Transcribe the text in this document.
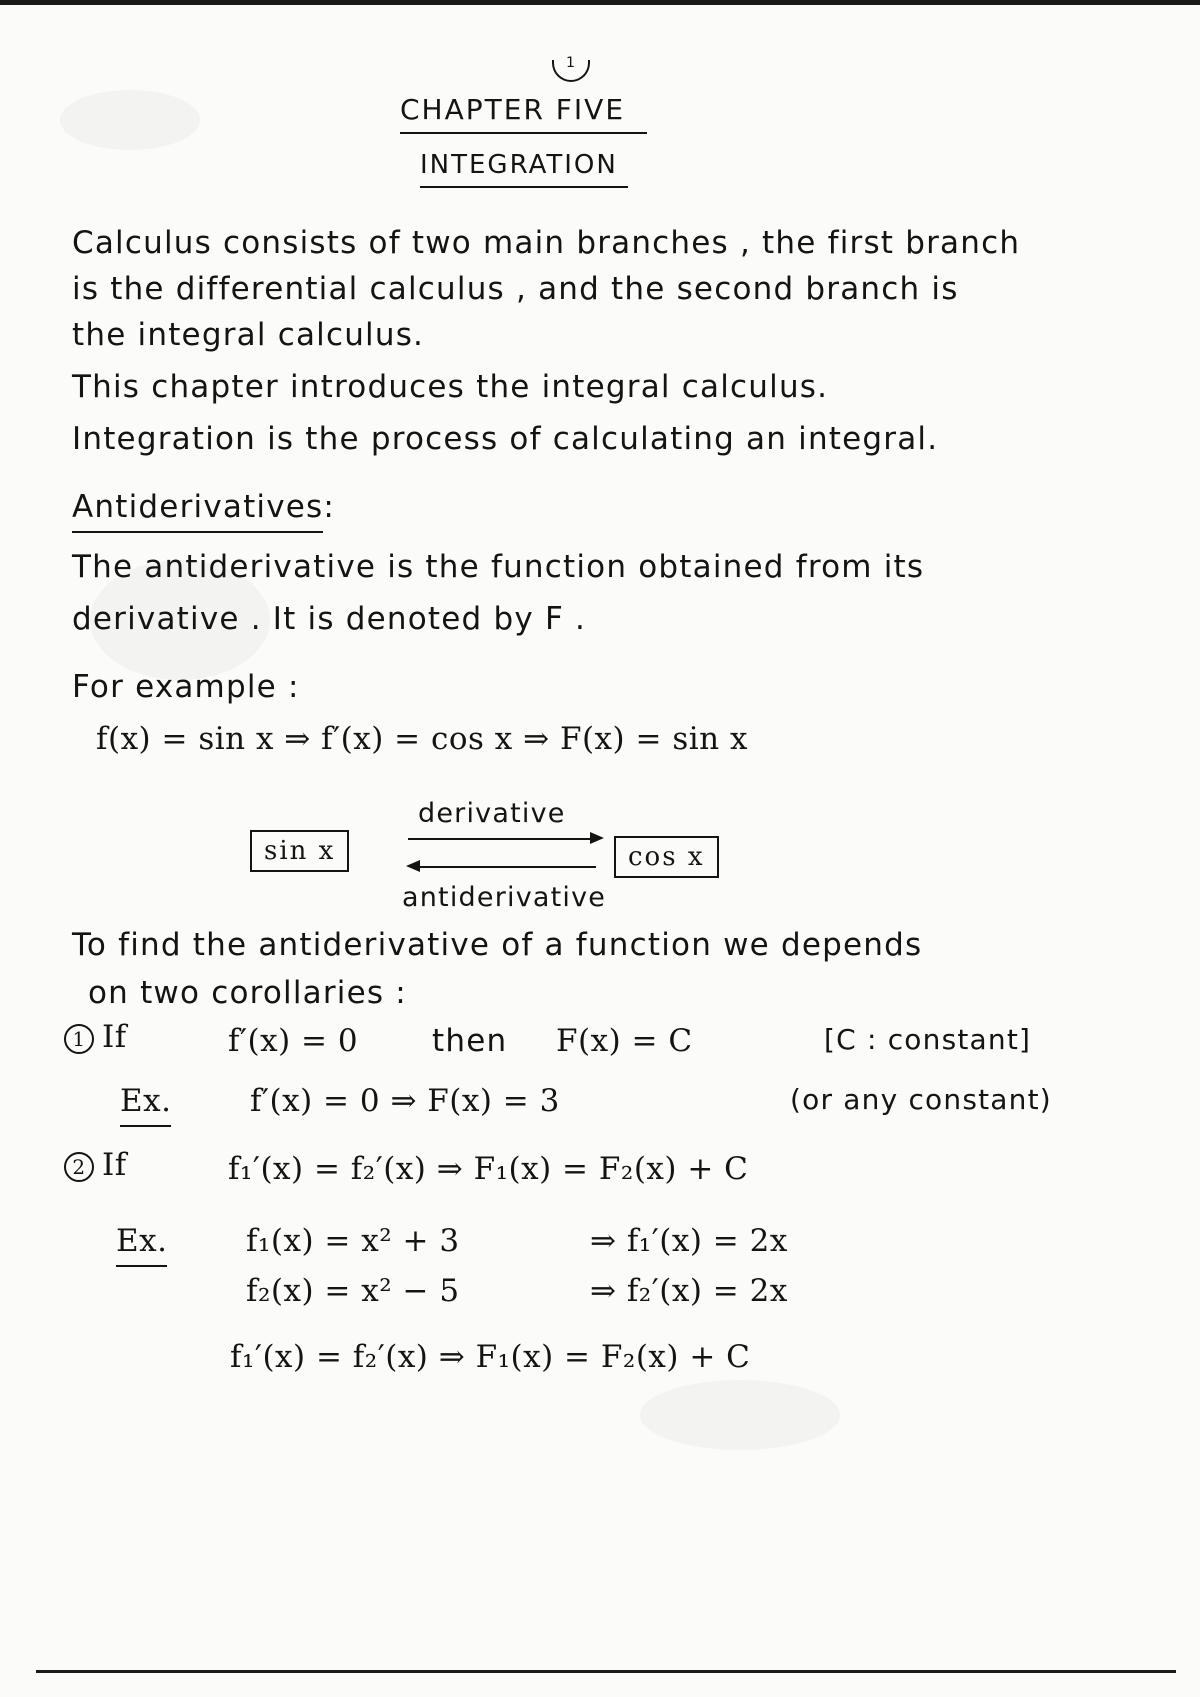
1
CHAPTER FIVE
INTEGRATION
Calculus consists of two main branches , the first branch
is the differential calculus , and the second branch is
the integral calculus.
This chapter introduces the integral calculus.
Integration is the process of calculating an integral.
Antiderivatives:
The antiderivative is the function obtained from its
derivative . It is denoted by F .
For example :
f(x) = sin x ⇒ f′(x) = cos x ⇒ F(x) = sin x
derivative
sin x	cos x
antiderivative
To find the antiderivative of a function we depends
on two corollaries :
1 If	f′(x) = 0 then F(x) = C	[C : constant]
Ex.	f′(x) = 0 ⇒ F(x) = 3	(or any constant)
2 If	f₁′(x) = f₂′(x) ⇒ F₁(x) = F₂(x) + C
Ex.	f₁(x) = x² + 3	⇒ f₁′(x) = 2x
f₂(x) = x² − 5	⇒ f₂′(x) = 2x
f₁′(x) = f₂′(x) ⇒ F₁(x) = F₂(x) + C
